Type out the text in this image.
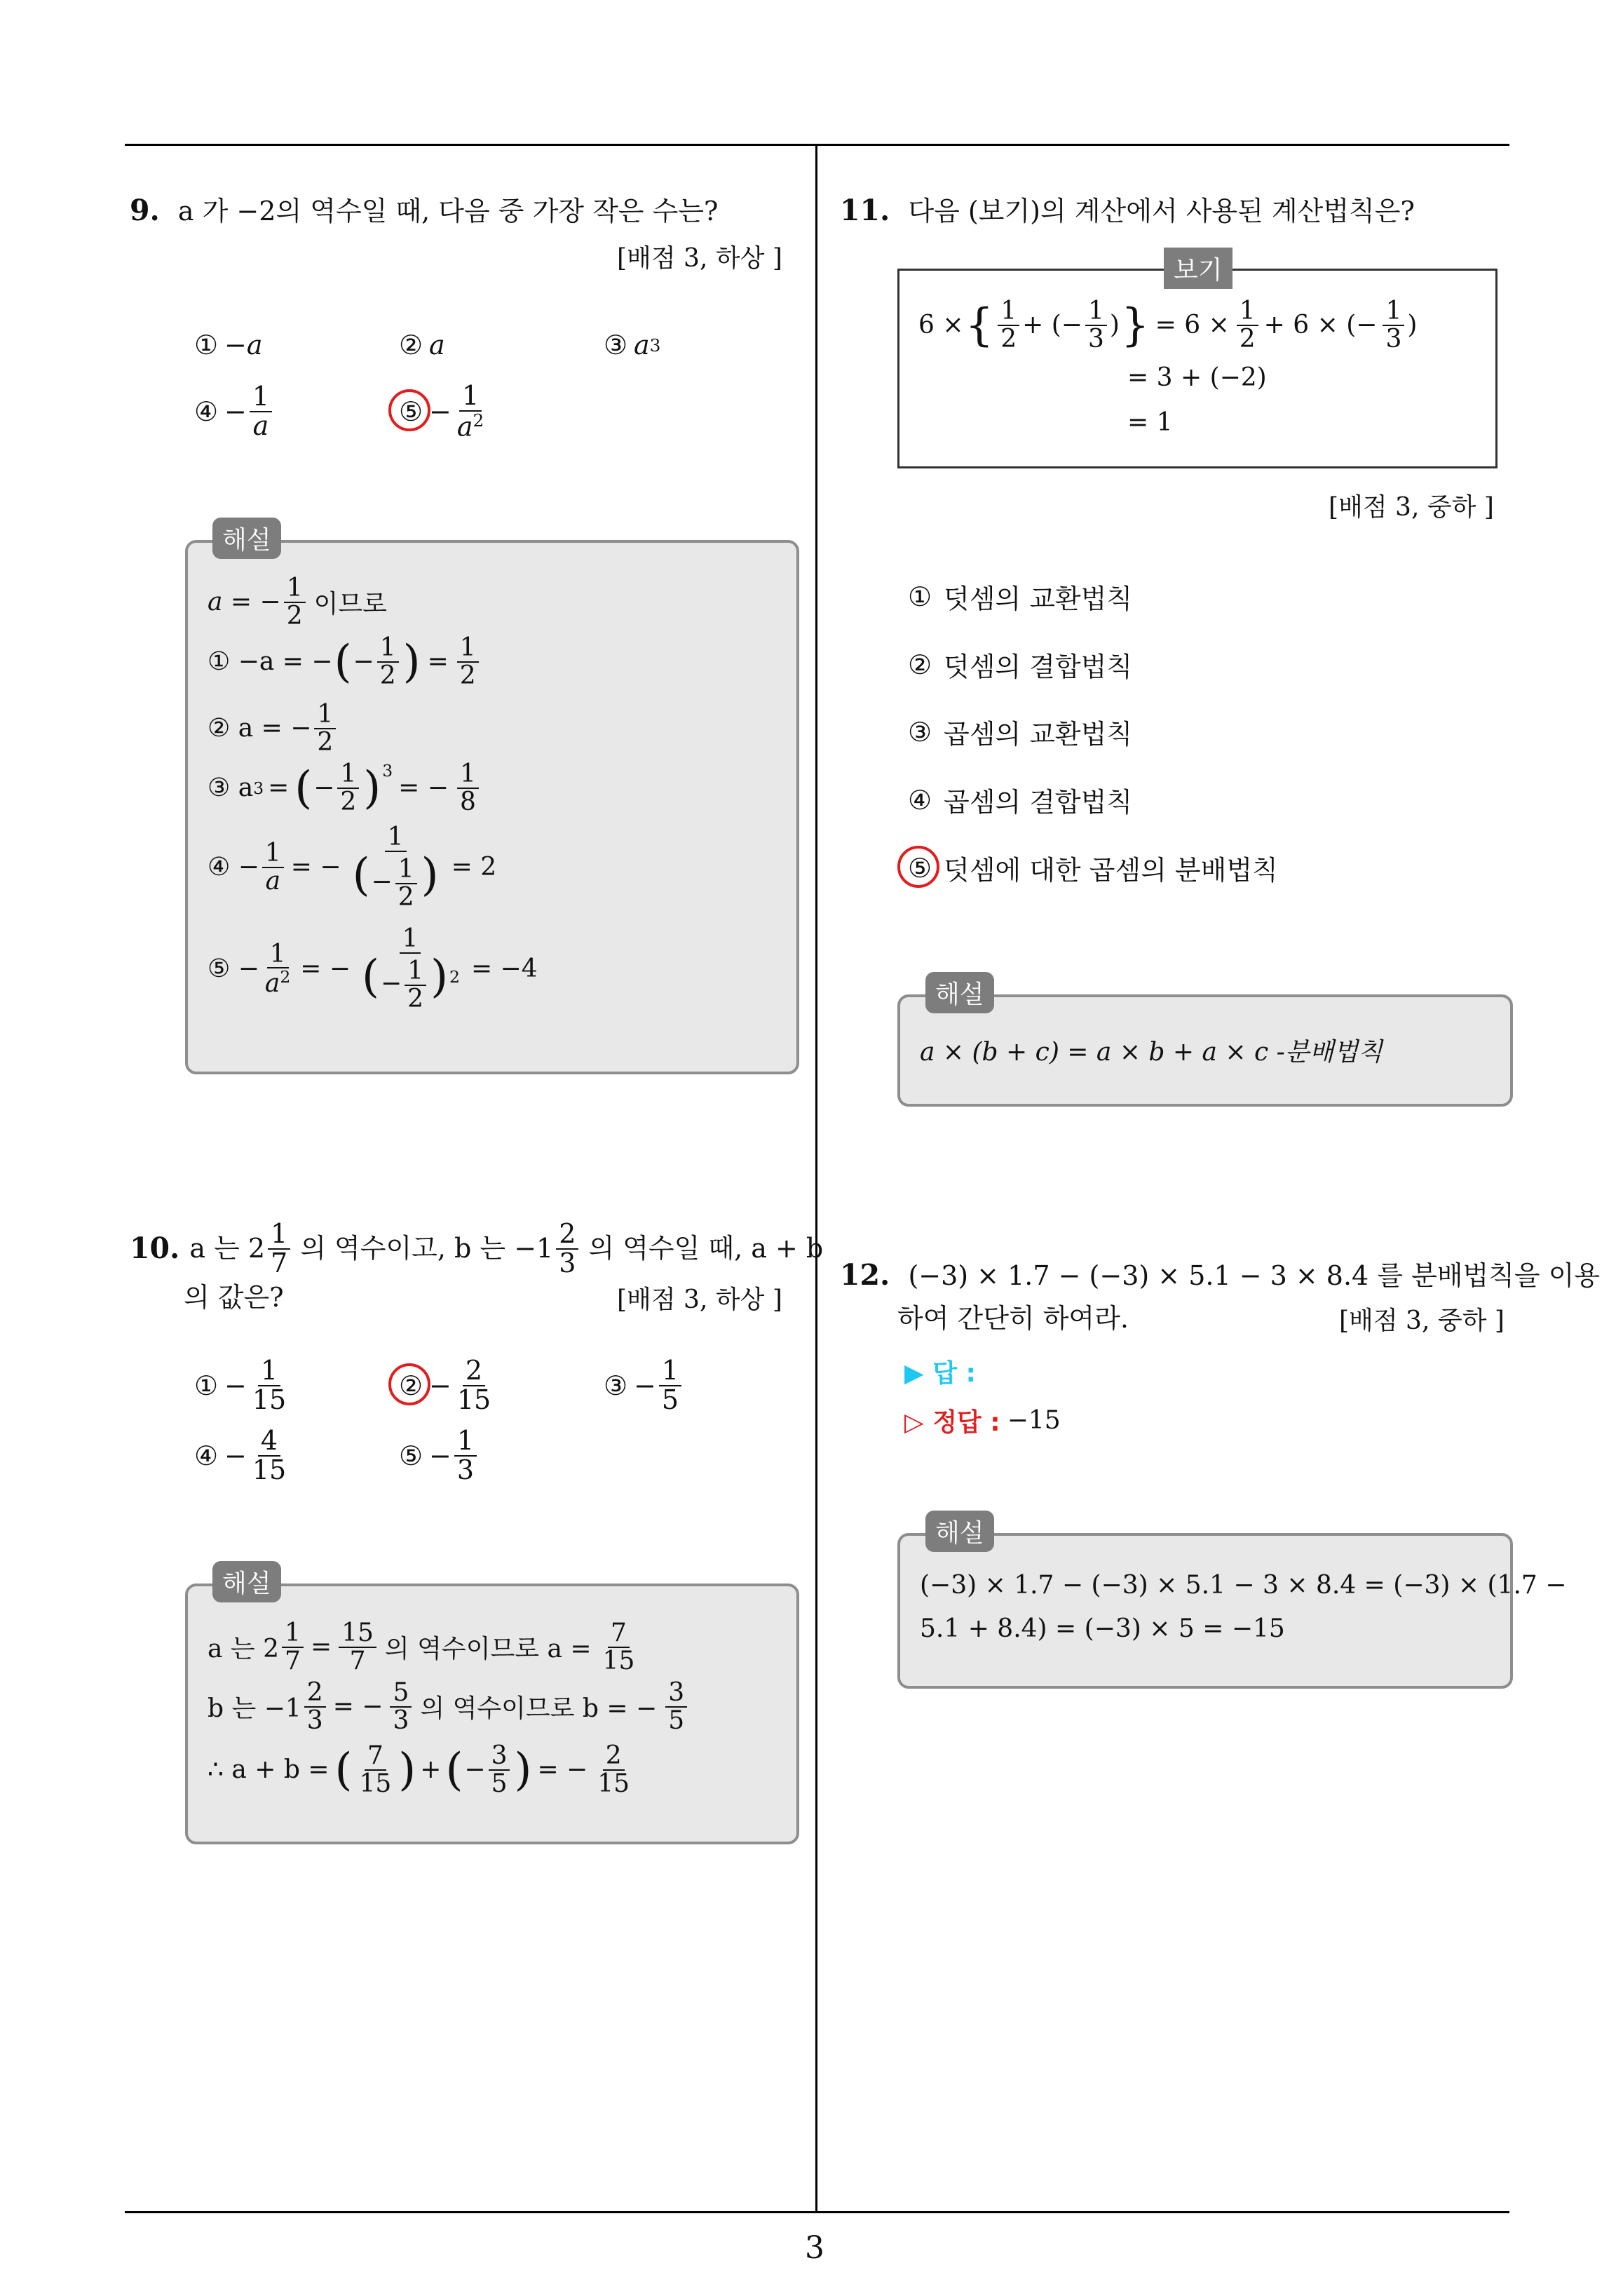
9. a 가 −2의 역수일 때, 다음 중 가장 작은 수는?
[배점 3, 하상 ]
① −a	② a	③ a 3
④ − $\frac{1}{a}$	⑤ − $\frac{1}{a^2}$
해설
a = − $\frac{1}{2}$ 이므로
① −a = − ( − $\frac{1}{2}$ ) = $\frac{1}{2}$
② a = − $\frac{1}{2}$
③ a 3 = ( − $\frac{1}{2} )^3$
= − $\frac{1}{8}$
④ − $\frac{1}{a}$ = − $\frac{1}{(- \frac{1}{2} )} = 2$
⑤ − $\frac{1}{a^2}$ = − $\frac{1}{(- \frac{1}{2} )^2} = -4$
10. a 는 $2 \frac{1}{7}$ 의 역수이고, b 는 $-1 \frac{2}{3}$ 의 역수일 때, a + b
의 값은?	[배점 3, 하상 ]
① − $\frac{1}{15}$	② − $\frac{2}{15}$	③ − $\frac{1}{5}$
④ − $\frac{4}{15}$	⑤ − $\frac{1}{3}$
해설
a 는 $2 \frac{1}{7} = \frac{15}{7}$ 의 역수이므로 $a = \frac{7}{15}$
b 는 $-1 \frac{2}{3}$ = − $\frac{5}{3}$ 의 역수이므로 b = − $\frac{3}{5}$
∴ a + b = ( $\frac{7}{15}$ ) + ( − $\frac{3}{5}$ ) = − $\frac{2}{15}$
11. 다음 (보기)의 계산에서 사용된 계산법칙은?
보기
6 × { $\frac{1}{2}$ + (− $\frac{1}{3}$ ) } = $6 \times \frac{1}{2} + 6$ × (− $\frac{1}{3}$ )
= 3 + (−2)
= 1
[배점 3, 중하 ]
① 덧셈의 교환법칙
② 덧셈의 결합법칙
③ 곱셈의 교환법칙
④ 곱셈의 결합법칙
⑤ 덧셈에 대한 곱셈의 분배법칙
해설
a × (b + c) = a × b + a × c -분배법칙
12. (−3) × 1.7 − (−3) × 5.1 − 3 × 8.4 를 분배법칙을 이용
하여 간단히 하여라.	[배점 3, 중하 ]
▶ 답 :
▷ 정답 : −15
해설
(−3) × 1.7 − (−3) × 5.1 − 3 × 8.4 = (−3) × (1.7 −
5.1 + 8.4) = (−3) × 5 = −15
3
